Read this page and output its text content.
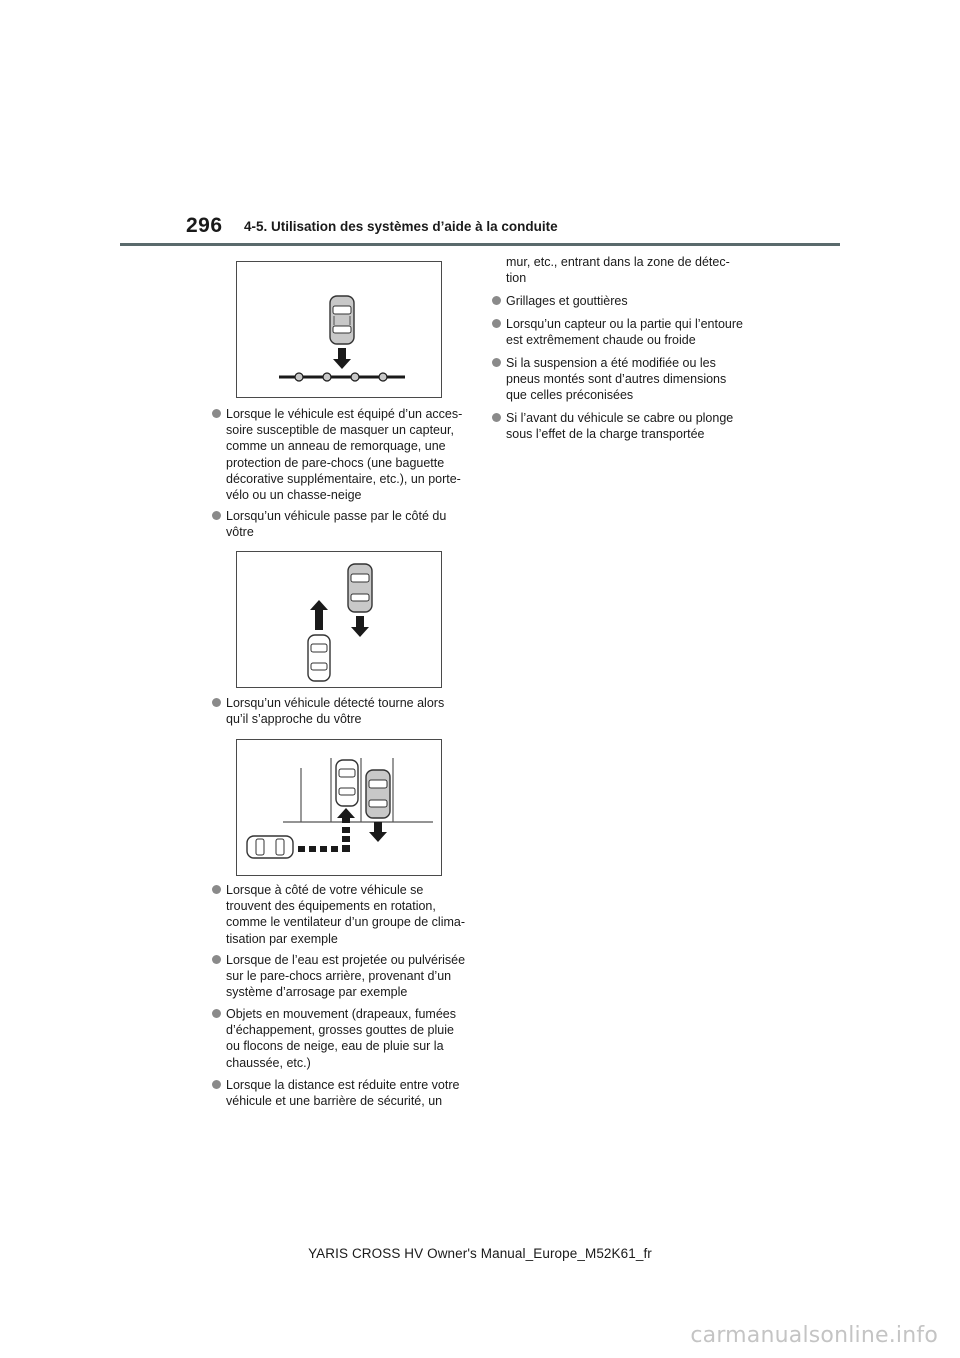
296 4-5. Utilisation des systèmes d’aide à la conduite
Lorsque le véhicule est équipé d’un acces-
soire susceptible de masquer un capteur,
comme un anneau de remorquage, une
protection de pare-chocs (une baguette
décorative supplémentaire, etc.), un porte-
vélo ou un chasse-neige
Lorsqu’un véhicule passe par le côté du
vôtre
Lorsqu’un véhicule détecté tourne alors
qu’il s’approche du vôtre
Lorsque à côté de votre véhicule se
trouvent des équipements en rotation,
comme le ventilateur d’un groupe de clima-
tisation par exemple
Lorsque de l’eau est projetée ou pulvérisée
sur le pare-chocs arrière, provenant d’un
système d’arrosage par exemple
Objets en mouvement (drapeaux, fumées
d’échappement, grosses gouttes de pluie
ou flocons de neige, eau de pluie sur la
chaussée, etc.)
Lorsque la distance est réduite entre votre
véhicule et une barrière de sécurité, un
mur, etc., entrant dans la zone de détec-
tion
Grillages et gouttières
Lorsqu’un capteur ou la partie qui l’entoure
est extrêmement chaude ou froide
Si la suspension a été modifiée ou les
pneus montés sont d’autres dimensions
que celles préconisées
Si l’avant du véhicule se cabre ou plonge
sous l’effet de la charge transportée
YARIS CROSS HV Owner's Manual_Europe_M52K61_fr
carmanualsonline.info
